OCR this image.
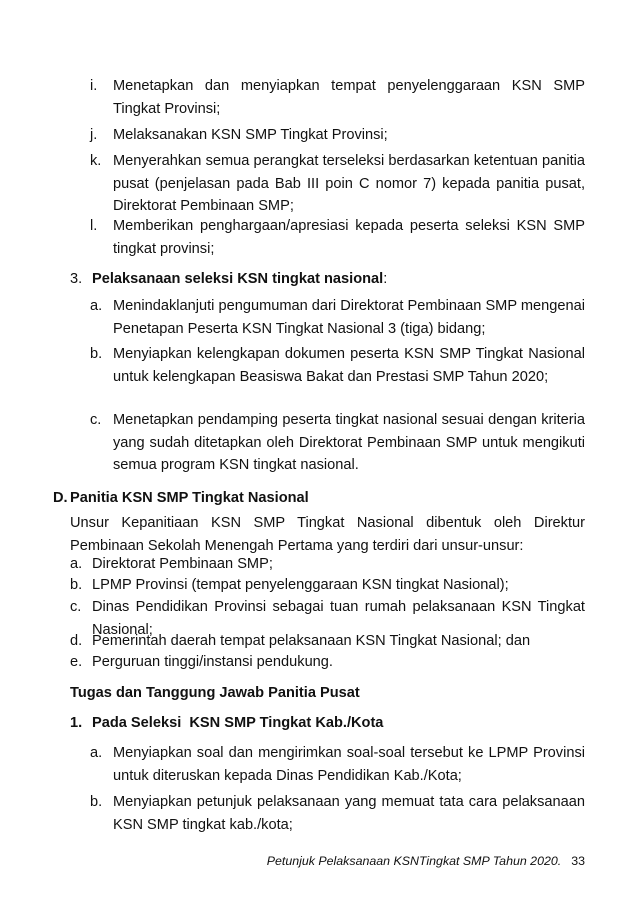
i.	Menetapkan dan menyiapkan tempat penyelenggaraan KSN SMP Tingkat Provinsi;
j.	Melaksanakan KSN SMP Tingkat Provinsi;
k. Menyerahkan semua perangkat terseleksi berdasarkan ketentuan panitia pusat (penjelasan pada Bab III poin C nomor 7) kepada panitia pusat, Direktorat Pembinaan SMP;
l.	Memberikan penghargaan/apresiasi kepada peserta seleksi KSN SMP tingkat provinsi;
3. Pelaksanaan seleksi KSN tingkat nasional:
a. Menindaklanjuti pengumuman dari Direktorat Pembinaan SMP mengenai Penetapan Peserta KSN Tingkat Nasional 3 (tiga) bidang;
b. Menyiapkan kelengkapan dokumen peserta KSN SMP Tingkat Nasional untuk kelengkapan Beasiswa Bakat dan Prestasi SMP Tahun 2020;
c. Menetapkan pendamping peserta tingkat nasional sesuai dengan kriteria yang sudah ditetapkan oleh Direktorat Pembinaan SMP untuk mengikuti semua program KSN tingkat nasional.
D. Panitia KSN SMP Tingkat Nasional
Unsur Kepanitiaan KSN SMP Tingkat Nasional dibentuk oleh Direktur Pembinaan Sekolah Menengah Pertama yang terdiri dari unsur-unsur:
a. Direktorat Pembinaan SMP;
b. LPMP Provinsi (tempat penyelenggaraan KSN tingkat Nasional);
c. Dinas Pendidikan Provinsi sebagai tuan rumah pelaksanaan KSN Tingkat Nasional;
d. Pemerintah daerah tempat pelaksanaan KSN Tingkat Nasional; dan
e. Perguruan tinggi/instansi pendukung.
Tugas dan Tanggung Jawab Panitia Pusat
1. Pada Seleksi  KSN SMP Tingkat Kab./Kota
a. Menyiapkan soal dan mengirimkan soal-soal tersebut ke LPMP Provinsi untuk diteruskan kepada Dinas Pendidikan Kab./Kota;
b. Menyiapkan petunjuk pelaksanaan yang memuat tata cara pelaksanaan KSN SMP tingkat kab./kota;
Petunjuk Pelaksanaan KSNTingkat SMP Tahun 2020. 33
